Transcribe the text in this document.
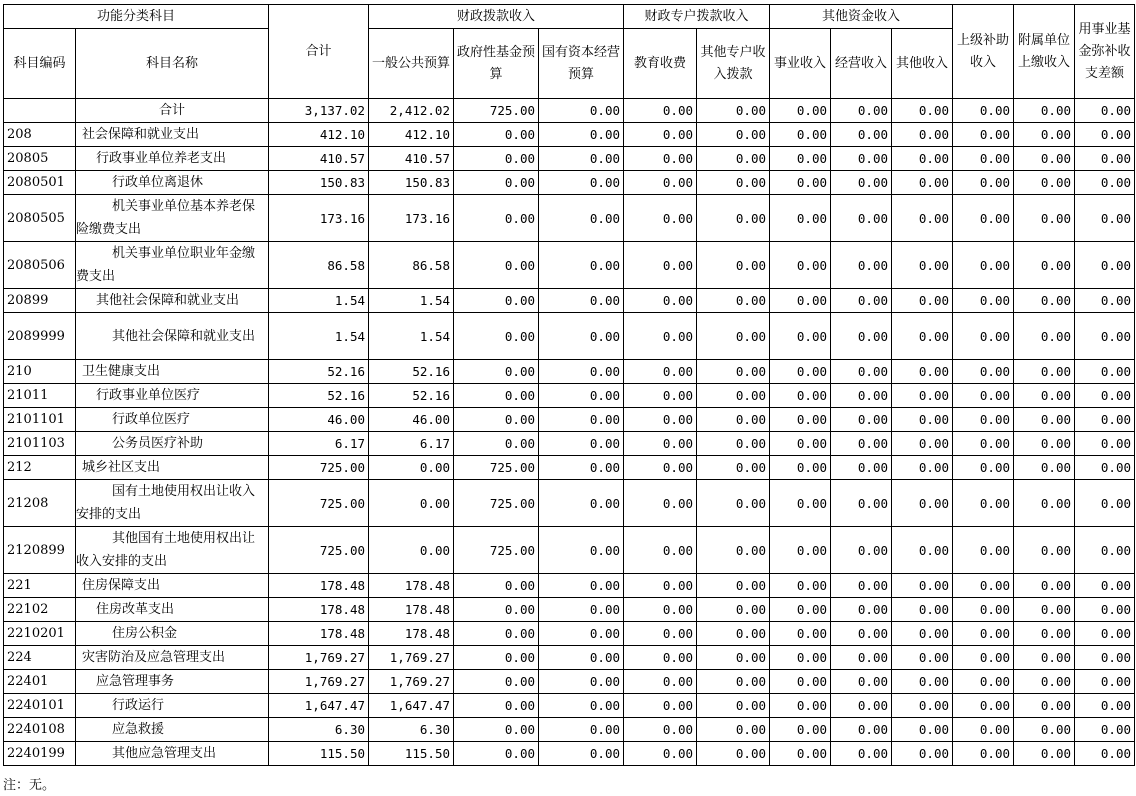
功能分类科目		合计	财政拨款收入			财政专户拨款收入		其他资金收入			上级补助收入	附属单位上缴收入	用事业基金弥补收支差额
科目编码	科目名称		一般公共预算	政府性基金预算	国有资本经营预算	教育收费	其他专户收入拨款	事业收入	经营收入	其他收入			
	合计	3,137.02	2,412.02	725.00	0.00	0.00	0.00	0.00	0.00	0.00	0.00	0.00	0.00
208	社会保障和就业支出	412.10	412.10	0.00	0.00	0.00	0.00	0.00	0.00	0.00	0.00	0.00	0.00
20805	行政事业单位养老支出	410.57	410.57	0.00	0.00	0.00	0.00	0.00	0.00	0.00	0.00	0.00	0.00
2080501	行政单位离退休	150.83	150.83	0.00	0.00	0.00	0.00	0.00	0.00	0.00	0.00	0.00	0.00
2080505	机关事业单位基本养老保险缴费支出	173.16	173.16	0.00	0.00	0.00	0.00	0.00	0.00	0.00	0.00	0.00	0.00
2080506	机关事业单位职业年金缴费支出	86.58	86.58	0.00	0.00	0.00	0.00	0.00	0.00	0.00	0.00	0.00	0.00
20899	其他社会保障和就业支出	1.54	1.54	0.00	0.00	0.00	0.00	0.00	0.00	0.00	0.00	0.00	0.00
2089999	其他社会保障和就业支出	1.54	1.54	0.00	0.00	0.00	0.00	0.00	0.00	0.00	0.00	0.00	0.00
210	卫生健康支出	52.16	52.16	0.00	0.00	0.00	0.00	0.00	0.00	0.00	0.00	0.00	0.00
21011	行政事业单位医疗	52.16	52.16	0.00	0.00	0.00	0.00	0.00	0.00	0.00	0.00	0.00	0.00
2101101	行政单位医疗	46.00	46.00	0.00	0.00	0.00	0.00	0.00	0.00	0.00	0.00	0.00	0.00
2101103	公务员医疗补助	6.17	6.17	0.00	0.00	0.00	0.00	0.00	0.00	0.00	0.00	0.00	0.00
212	城乡社区支出	725.00	0.00	725.00	0.00	0.00	0.00	0.00	0.00	0.00	0.00	0.00	0.00
21208	国有土地使用权出让收入安排的支出	725.00	0.00	725.00	0.00	0.00	0.00	0.00	0.00	0.00	0.00	0.00	0.00
2120899	其他国有土地使用权出让收入安排的支出	725.00	0.00	725.00	0.00	0.00	0.00	0.00	0.00	0.00	0.00	0.00	0.00
221	住房保障支出	178.48	178.48	0.00	0.00	0.00	0.00	0.00	0.00	0.00	0.00	0.00	0.00
22102	住房改革支出	178.48	178.48	0.00	0.00	0.00	0.00	0.00	0.00	0.00	0.00	0.00	0.00
2210201	住房公积金	178.48	178.48	0.00	0.00	0.00	0.00	0.00	0.00	0.00	0.00	0.00	0.00
224	灾害防治及应急管理支出	1,769.27	1,769.27	0.00	0.00	0.00	0.00	0.00	0.00	0.00	0.00	0.00	0.00
22401	应急管理事务	1,769.27	1,769.27	0.00	0.00	0.00	0.00	0.00	0.00	0.00	0.00	0.00	0.00
2240101	行政运行	1,647.47	1,647.47	0.00	0.00	0.00	0.00	0.00	0.00	0.00	0.00	0.00	0.00
2240108	应急救援	6.30	6.30	0.00	0.00	0.00	0.00	0.00	0.00	0.00	0.00	0.00	0.00
2240199	其他应急管理支出	115.50	115.50	0.00	0.00	0.00	0.00	0.00	0.00	0.00	0.00	0.00	0.00
注：无。
